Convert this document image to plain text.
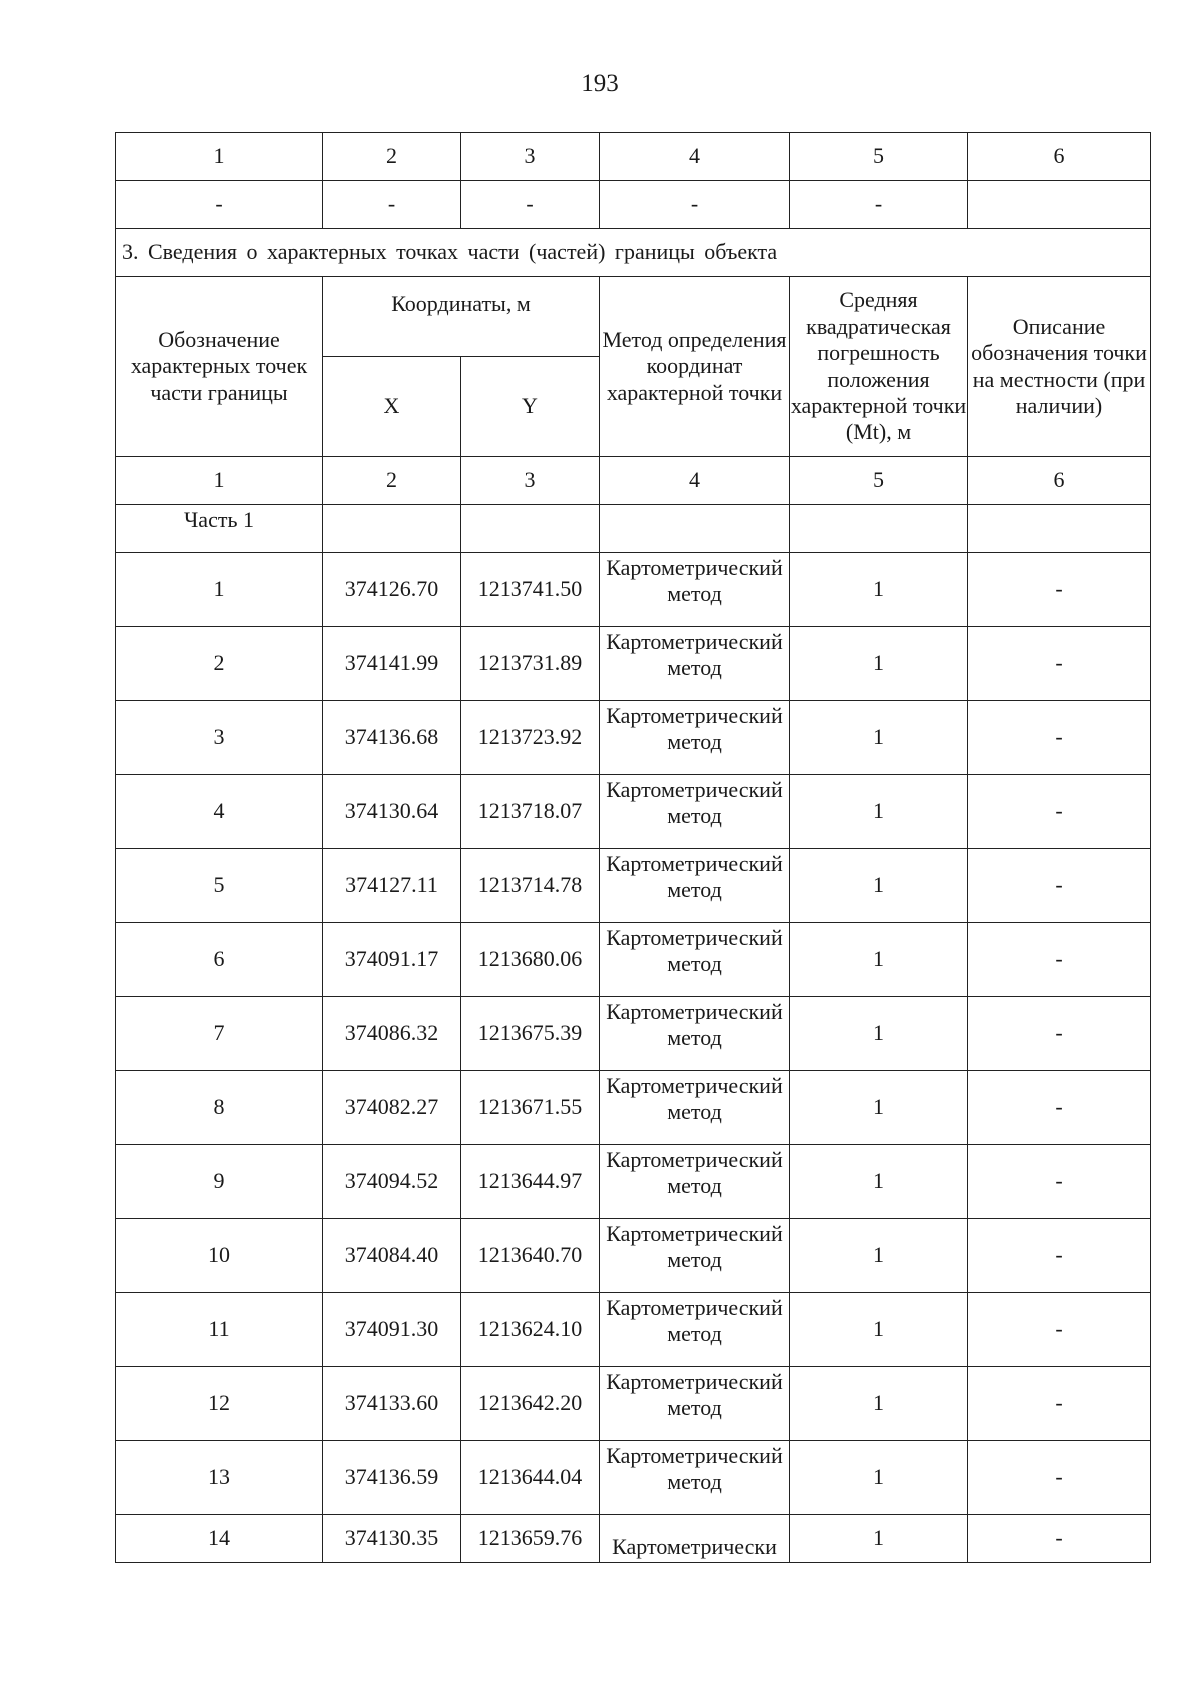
193
1	2	3	4	5	6
-	-	-	-	-	
3. Сведения о характерных точках части (частей) границы объекта					
Обозначение характерных точек части границы	Координаты, м		Метод определения координат характерной точки	Средняя квадратическая погрешность положения характерной точки (Mt), м	Описание обозначения точки на местности (при наличии)
	X	Y			
1	2	3	4	5	6
Часть 1					
1	374126.70	1213741.50	Картометрический метод	1	-
2	374141.99	1213731.89	Картометрический метод	1	-
3	374136.68	1213723.92	Картометрический метод	1	-
4	374130.64	1213718.07	Картометрический метод	1	-
5	374127.11	1213714.78	Картометрический метод	1	-
6	374091.17	1213680.06	Картометрический метод	1	-
7	374086.32	1213675.39	Картометрический метод	1	-
8	374082.27	1213671.55	Картометрический метод	1	-
9	374094.52	1213644.97	Картометрический метод	1	-
10	374084.40	1213640.70	Картометрический метод	1	-
11	374091.30	1213624.10	Картометрический метод	1	-
12	374133.60	1213642.20	Картометрический метод	1	-
13	374136.59	1213644.04	Картометрический метод	1	-
14	374130.35	1213659.76	Картометрически	1	-
